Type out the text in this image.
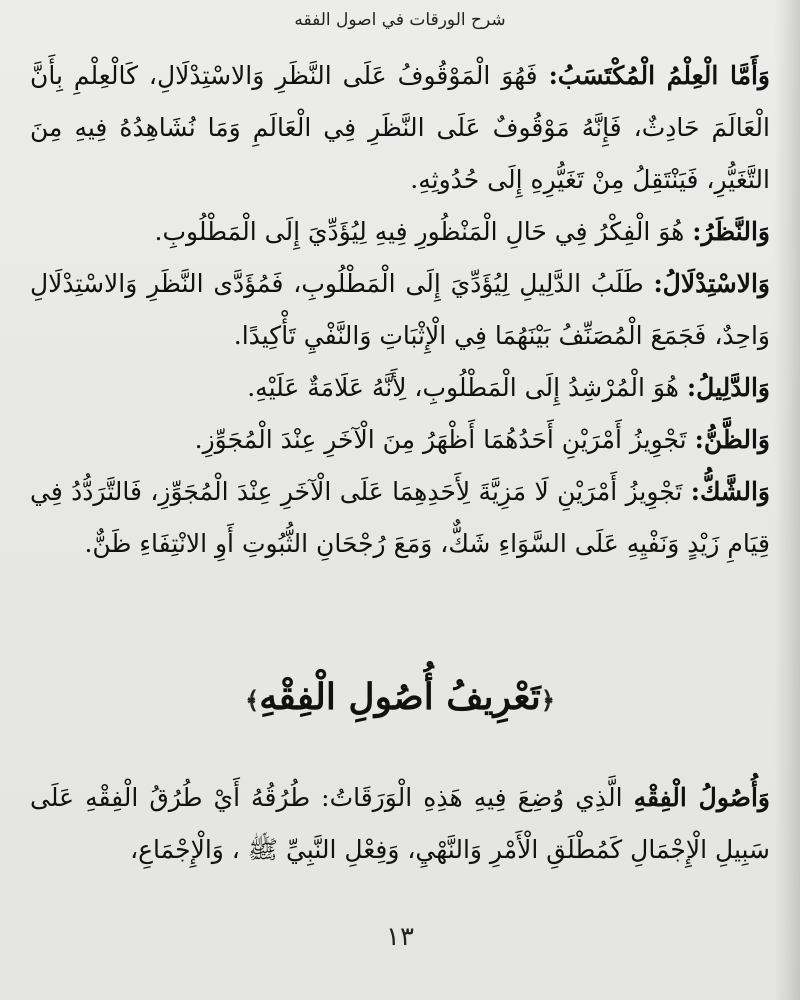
شرح الورقات في اصول الفقه

وَأَمَّا الْعِلْمُ الْمُكْتَسَبُ: فَهُوَ الْمَوْقُوفُ عَلَى النَّظَرِ وَالاسْتِدْلَالِ، كَالْعِلْمِ بِأَنَّ الْعَالَمَ حَادِثٌ، فَإِنَّهُ مَوْقُوفٌ عَلَى النَّظَرِ فِي الْعَالَمِ وَمَا نُشَاهِدُهُ فِيهِ مِنَ التَّغَيُّرِ، فَيَنْتَقِلُ مِنْ تَغَيُّرِهِ إِلَى حُدُوثِهِ.

وَالنَّظَرُ: هُوَ الْفِكْرُ فِي حَالِ الْمَنْظُورِ فِيهِ لِيُؤَدِّيَ إِلَى الْمَطْلُوبِ.

وَالاسْتِدْلَالُ: طَلَبُ الدَّلِيلِ لِيُؤَدِّيَ إِلَى الْمَطْلُوبِ، فَمُؤَدَّى النَّظَرِ وَالاسْتِدْلَالِ وَاحِدٌ، فَجَمَعَ الْمُصَنِّفُ بَيْنَهُمَا فِي الْإِثْبَاتِ وَالنَّفْيِ تَأْكِيدًا.

وَالدَّلِيلُ: هُوَ الْمُرْشِدُ إِلَى الْمَطْلُوبِ، لِأَنَّهُ عَلَامَةٌ عَلَيْهِ.

وَالظَّنُّ: تَجْوِيزُ أَمْرَيْنِ أَحَدُهُمَا أَظْهَرُ مِنَ الْآخَرِ عِنْدَ الْمُجَوِّزِ.

وَالشَّكُّ: تَجْوِيزُ أَمْرَيْنِ لَا مَزِيَّةَ لِأَحَدِهِمَا عَلَى الْآخَرِ عِنْدَ الْمُجَوِّزِ، فَالتَّرَدُّدُ فِي قِيَامِ زَيْدٍ وَنَفْيِهِ عَلَى السَّوَاءِ شَكٌّ، وَمَعَ رُجْحَانِ الثُّبُوتِ أَوِ الانْتِفَاءِ ظَنٌّ.

﴿تَعْرِيفُ أُصُولِ الْفِقْهِ﴾

وَأُصُولُ الْفِقْهِ الَّذِي وُضِعَ فِيهِ هَذِهِ الْوَرَقَاتُ: طُرُقُهُ أَيْ طُرُقُ الْفِقْهِ عَلَى سَبِيلِ الْإِجْمَالِ كَمُطْلَقِ الْأَمْرِ وَالنَّهْيِ، وَفِعْلِ النَّبِيِّ ﷺ ، وَالْإِجْمَاعِ،

١٣
